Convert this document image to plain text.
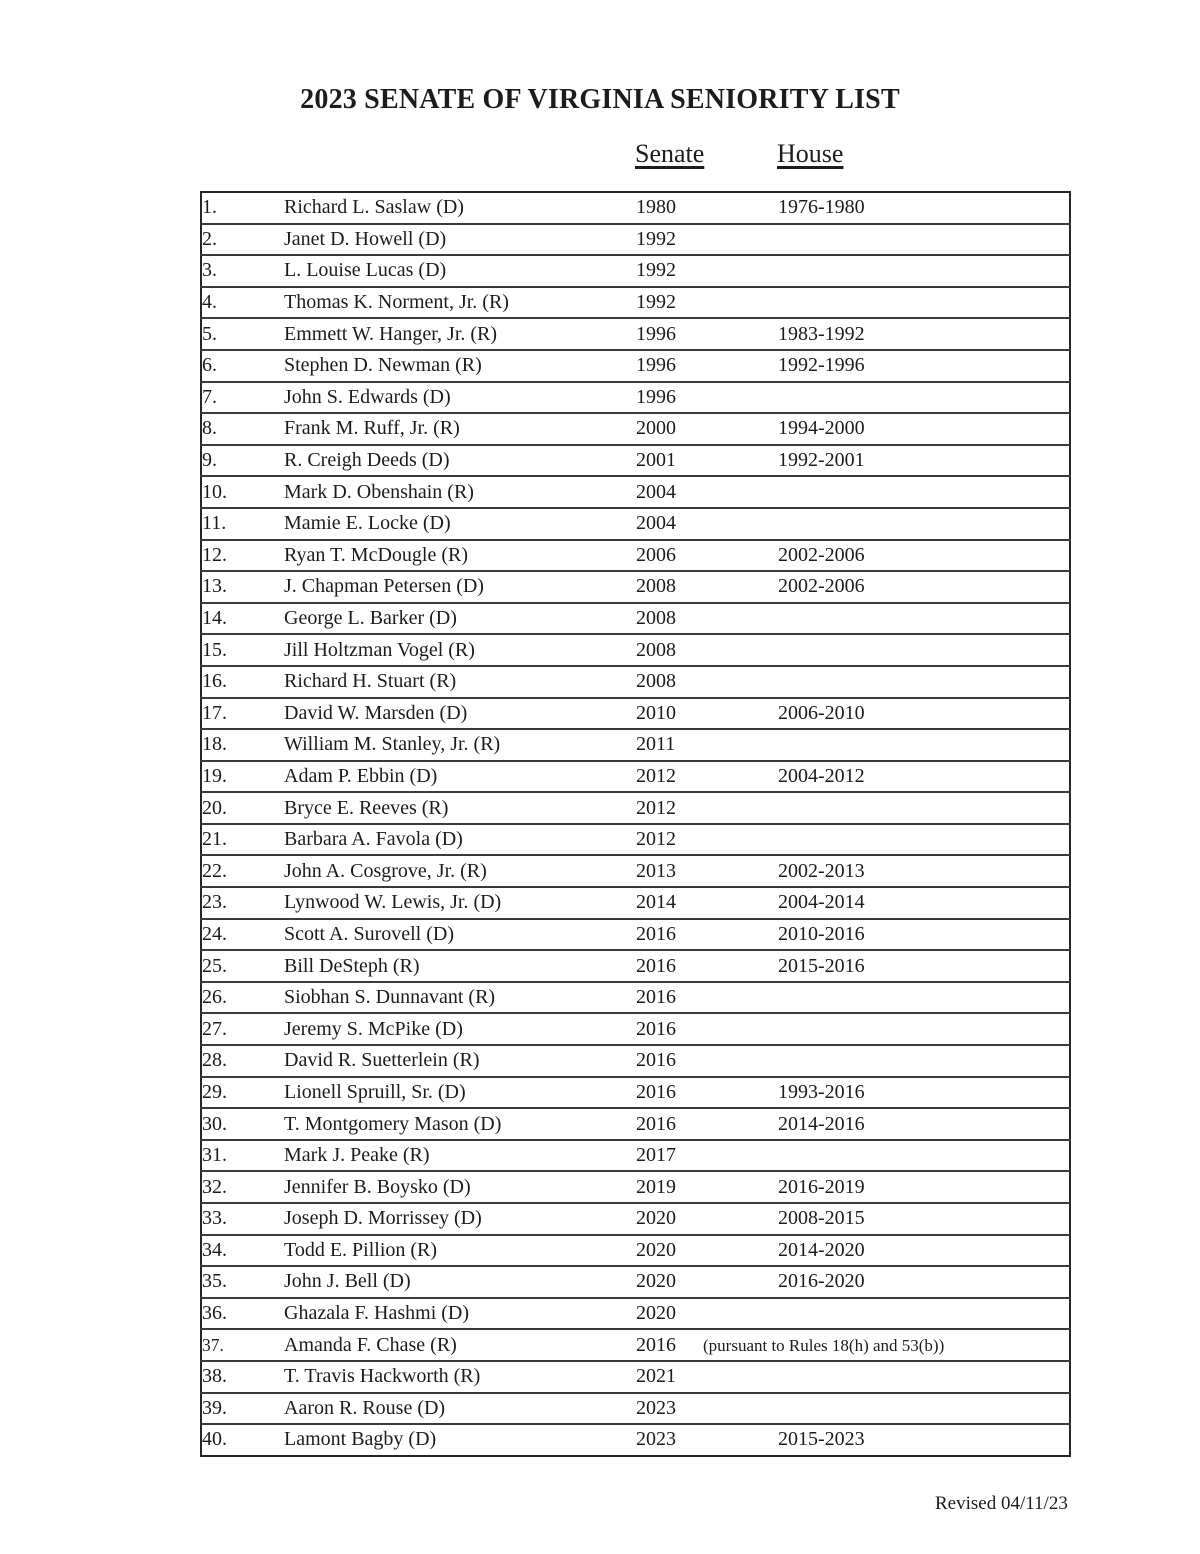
2023 SENATE OF VIRGINIA SENIORITY LIST
Senate	House
1.	Richard L. Saslaw (D)	1980	1976-1980
2.	Janet D. Howell (D)	1992	
3.	L. Louise Lucas (D)	1992	
4.	Thomas K. Norment, Jr. (R)	1992	
5.	Emmett W. Hanger, Jr. (R)	1996	1983-1992
6.	Stephen D. Newman (R)	1996	1992-1996
7.	John S. Edwards (D)	1996	
8.	Frank M. Ruff, Jr. (R)	2000	1994-2000
9.	R. Creigh Deeds (D)	2001	1992-2001
10.	Mark D. Obenshain (R)	2004	
11.	Mamie E. Locke (D)	2004	
12.	Ryan T. McDougle (R)	2006	2002-2006
13.	J. Chapman Petersen (D)	2008	2002-2006
14.	George L. Barker (D)	2008	
15.	Jill Holtzman Vogel (R)	2008	
16.	Richard H. Stuart (R)	2008	
17.	David W. Marsden (D)	2010	2006-2010
18.	William M. Stanley, Jr. (R)	2011	
19.	Adam P. Ebbin (D)	2012	2004-2012
20.	Bryce E. Reeves (R)	2012	
21.	Barbara A. Favola (D)	2012	
22.	John A. Cosgrove, Jr. (R)	2013	2002-2013
23.	Lynwood W. Lewis, Jr. (D)	2014	2004-2014
24.	Scott A. Surovell (D)	2016	2010-2016
25.	Bill DeSteph (R)	2016	2015-2016
26.	Siobhan S. Dunnavant (R)	2016	
27.	Jeremy S. McPike (D)	2016	
28.	David R. Suetterlein (R)	2016	
29.	Lionell Spruill, Sr. (D)	2016	1993-2016
30.	T. Montgomery Mason (D)	2016	2014-2016
31.	Mark J. Peake (R)	2017	
32.	Jennifer B. Boysko (D)	2019	2016-2019
33.	Joseph D. Morrissey (D)	2020	2008-2015
34.	Todd E. Pillion (R)	2020	2014-2020
35.	John J. Bell (D)	2020	2016-2020
36.	Ghazala F. Hashmi (D)	2020	
37.	Amanda F. Chase (R)	2016	(pursuant to Rules 18(h) and 53(b))
38.	T. Travis Hackworth (R)	2021	
39.	Aaron R. Rouse (D)	2023	
40.	Lamont Bagby (D)	2023	2015-2023
Revised 04/11/23
